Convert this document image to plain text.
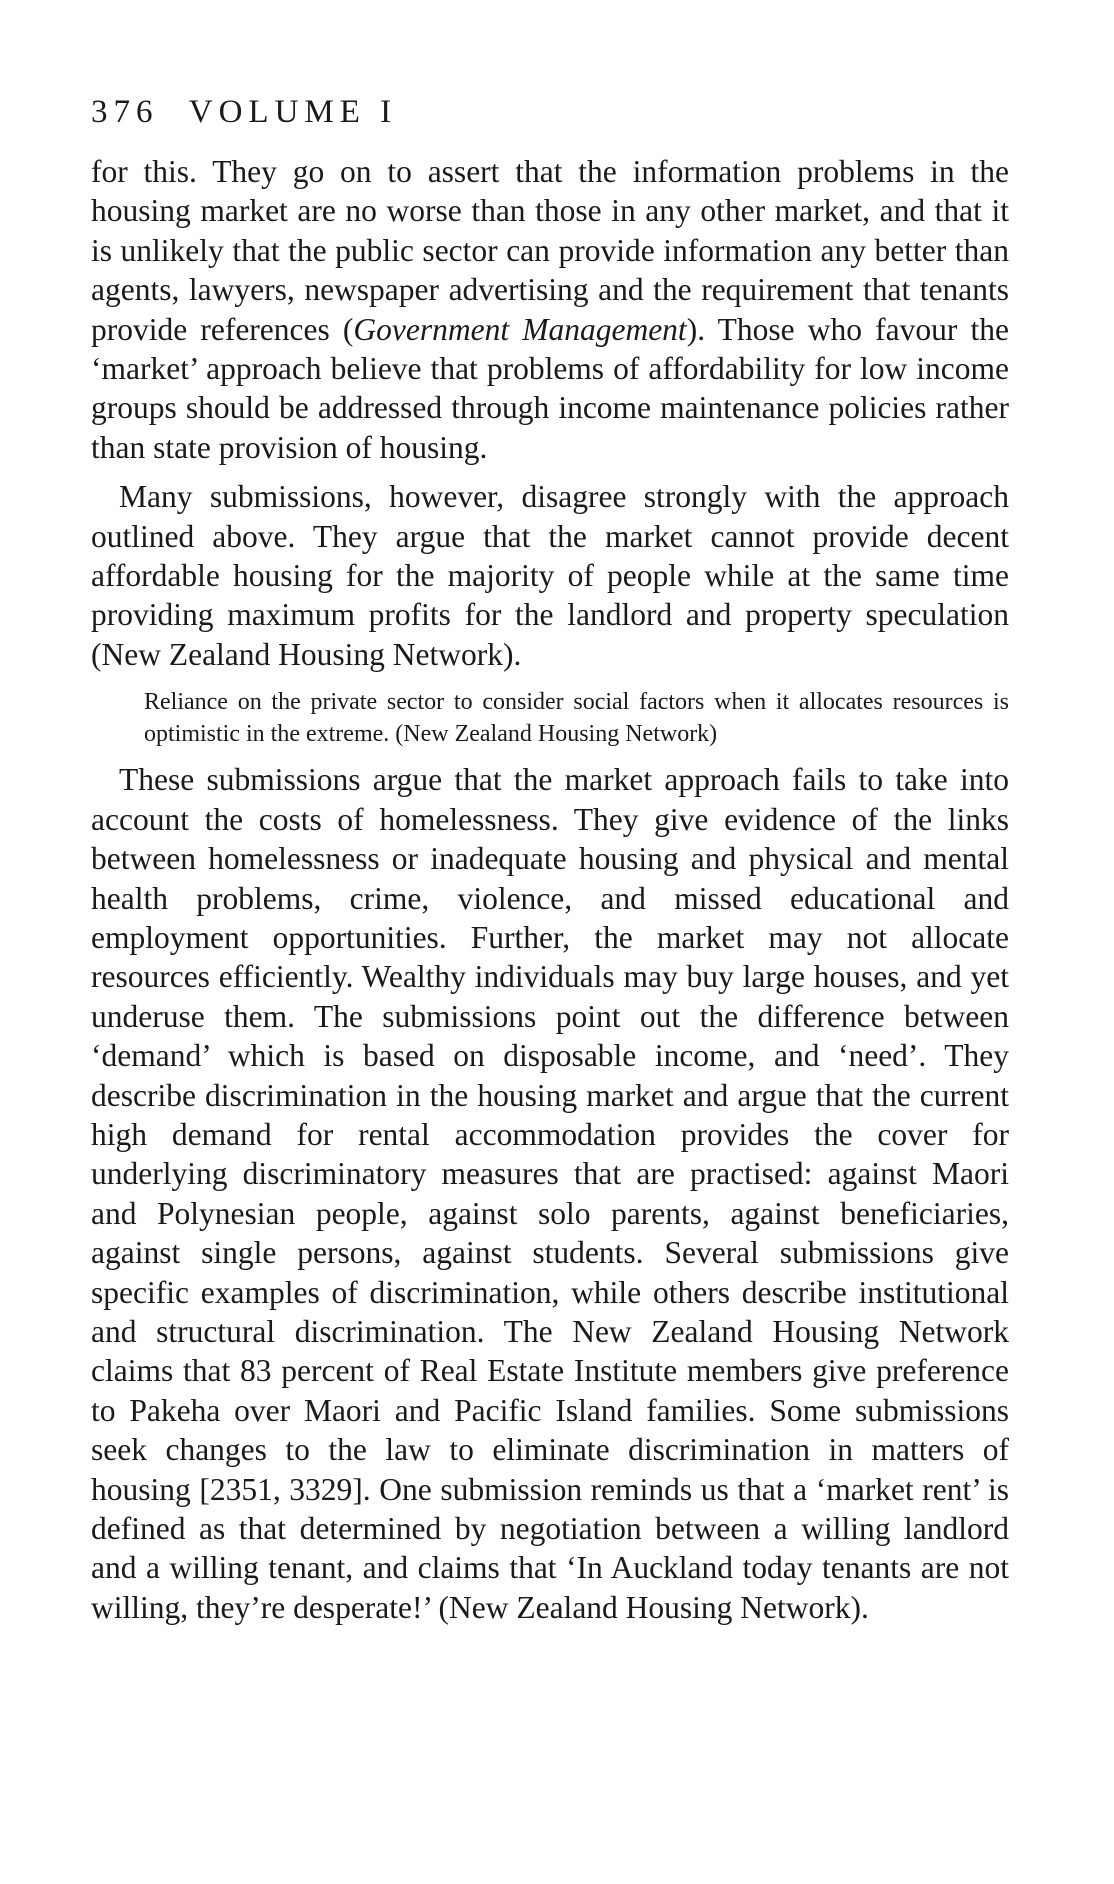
376 VOLUME I

for this. They go on to assert that the information problems in the housing market are no worse than those in any other market, and that it is unlikely that the public sector can provide information any better than agents, lawyers, newspaper advertising and the requirement that tenants provide references (Government Management). Those who favour the ‘market’ approach believe that problems of affordability for low income groups should be addressed through income maintenance policies rather than state provision of housing.

Many submissions, however, disagree strongly with the approach outlined above. They argue that the market cannot provide decent affordable housing for the majority of people while at the same time providing maximum profits for the landlord and property speculation (New Zealand Housing Network).

Reliance on the private sector to consider social factors when it allocates resources is optimistic in the extreme. (New Zealand Housing Network)

These submissions argue that the market approach fails to take into account the costs of homelessness. They give evidence of the links between homelessness or inadequate housing and physical and mental health problems, crime, violence, and missed educational and employment opportunities. Further, the market may not allocate resources efficiently. Wealthy individuals may buy large houses, and yet underuse them. The submissions point out the difference between ‘demand’ which is based on disposable income, and ‘need’. They describe discrimination in the housing market and argue that the current high demand for rental accommodation provides the cover for underlying discriminatory measures that are practised: against Maori and Polynesian people, against solo parents, against beneficiaries, against single persons, against students. Several submissions give specific examples of discrimination, while others describe institutional and structural discrimination. The New Zealand Housing Network claims that 83 percent of Real Estate Institute members give preference to Pakeha over Maori and Pacific Island families. Some submissions seek changes to the law to eliminate discrimination in matters of housing [2351, 3329]. One submission reminds us that a ‘market rent’ is defined as that determined by negotiation between a willing landlord and a willing tenant, and claims that ‘In Auckland today tenants are not willing, they’re desperate!’ (New Zealand Housing Network).
